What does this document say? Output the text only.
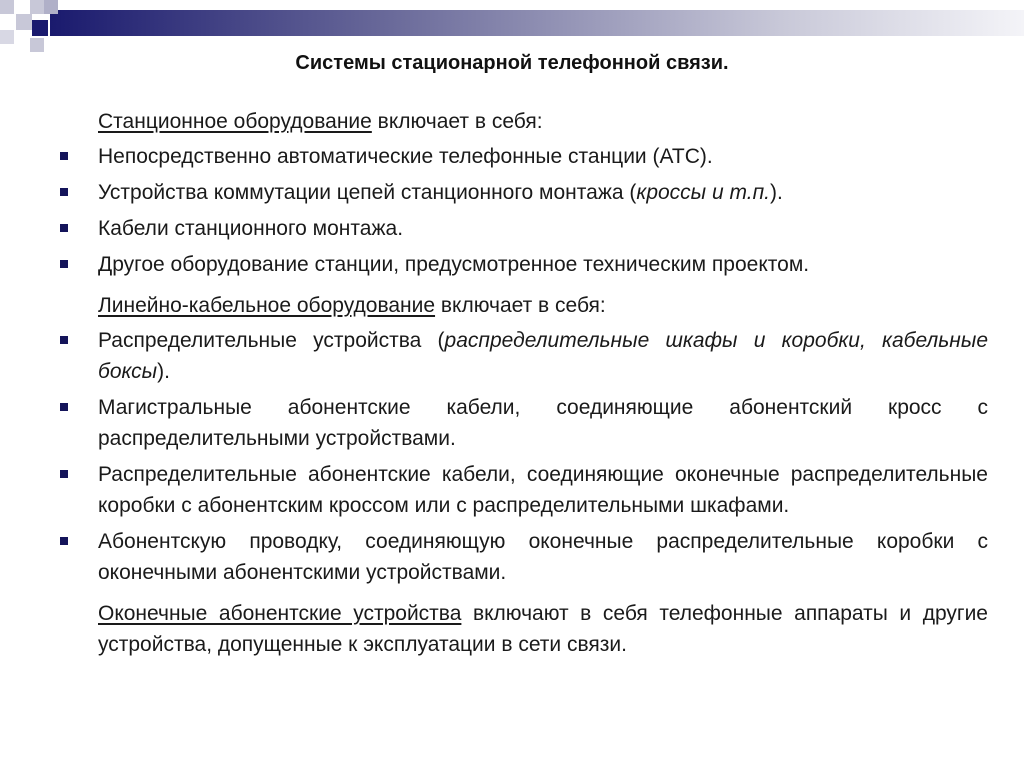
Системы стационарной телефонной связи.

Станционное оборудование включает в себя:

Непосредственно автоматические телефонные станции (АТС).
Устройства коммутации цепей станционного монтажа (кроссы и т.п.).
Кабели станционного монтажа.
Другое оборудование станции, предусмотренное техническим проектом.

Линейно-кабельное оборудование включает в себя:

Распределительные устройства (распределительные шкафы и коробки, кабельные боксы).
Магистральные абонентские кабели, соединяющие абонентский кросс с распределительными устройствами.
Распределительные абонентские кабели, соединяющие оконечные распределительные коробки с абонентским кроссом или с распределительными шкафами.
Абонентскую проводку, соединяющую оконечные распределительные коробки с оконечными абонентскими устройствами.

Оконечные абонентские устройства включают в себя телефонные аппараты и другие устройства, допущенные к эксплуатации в сети связи.
